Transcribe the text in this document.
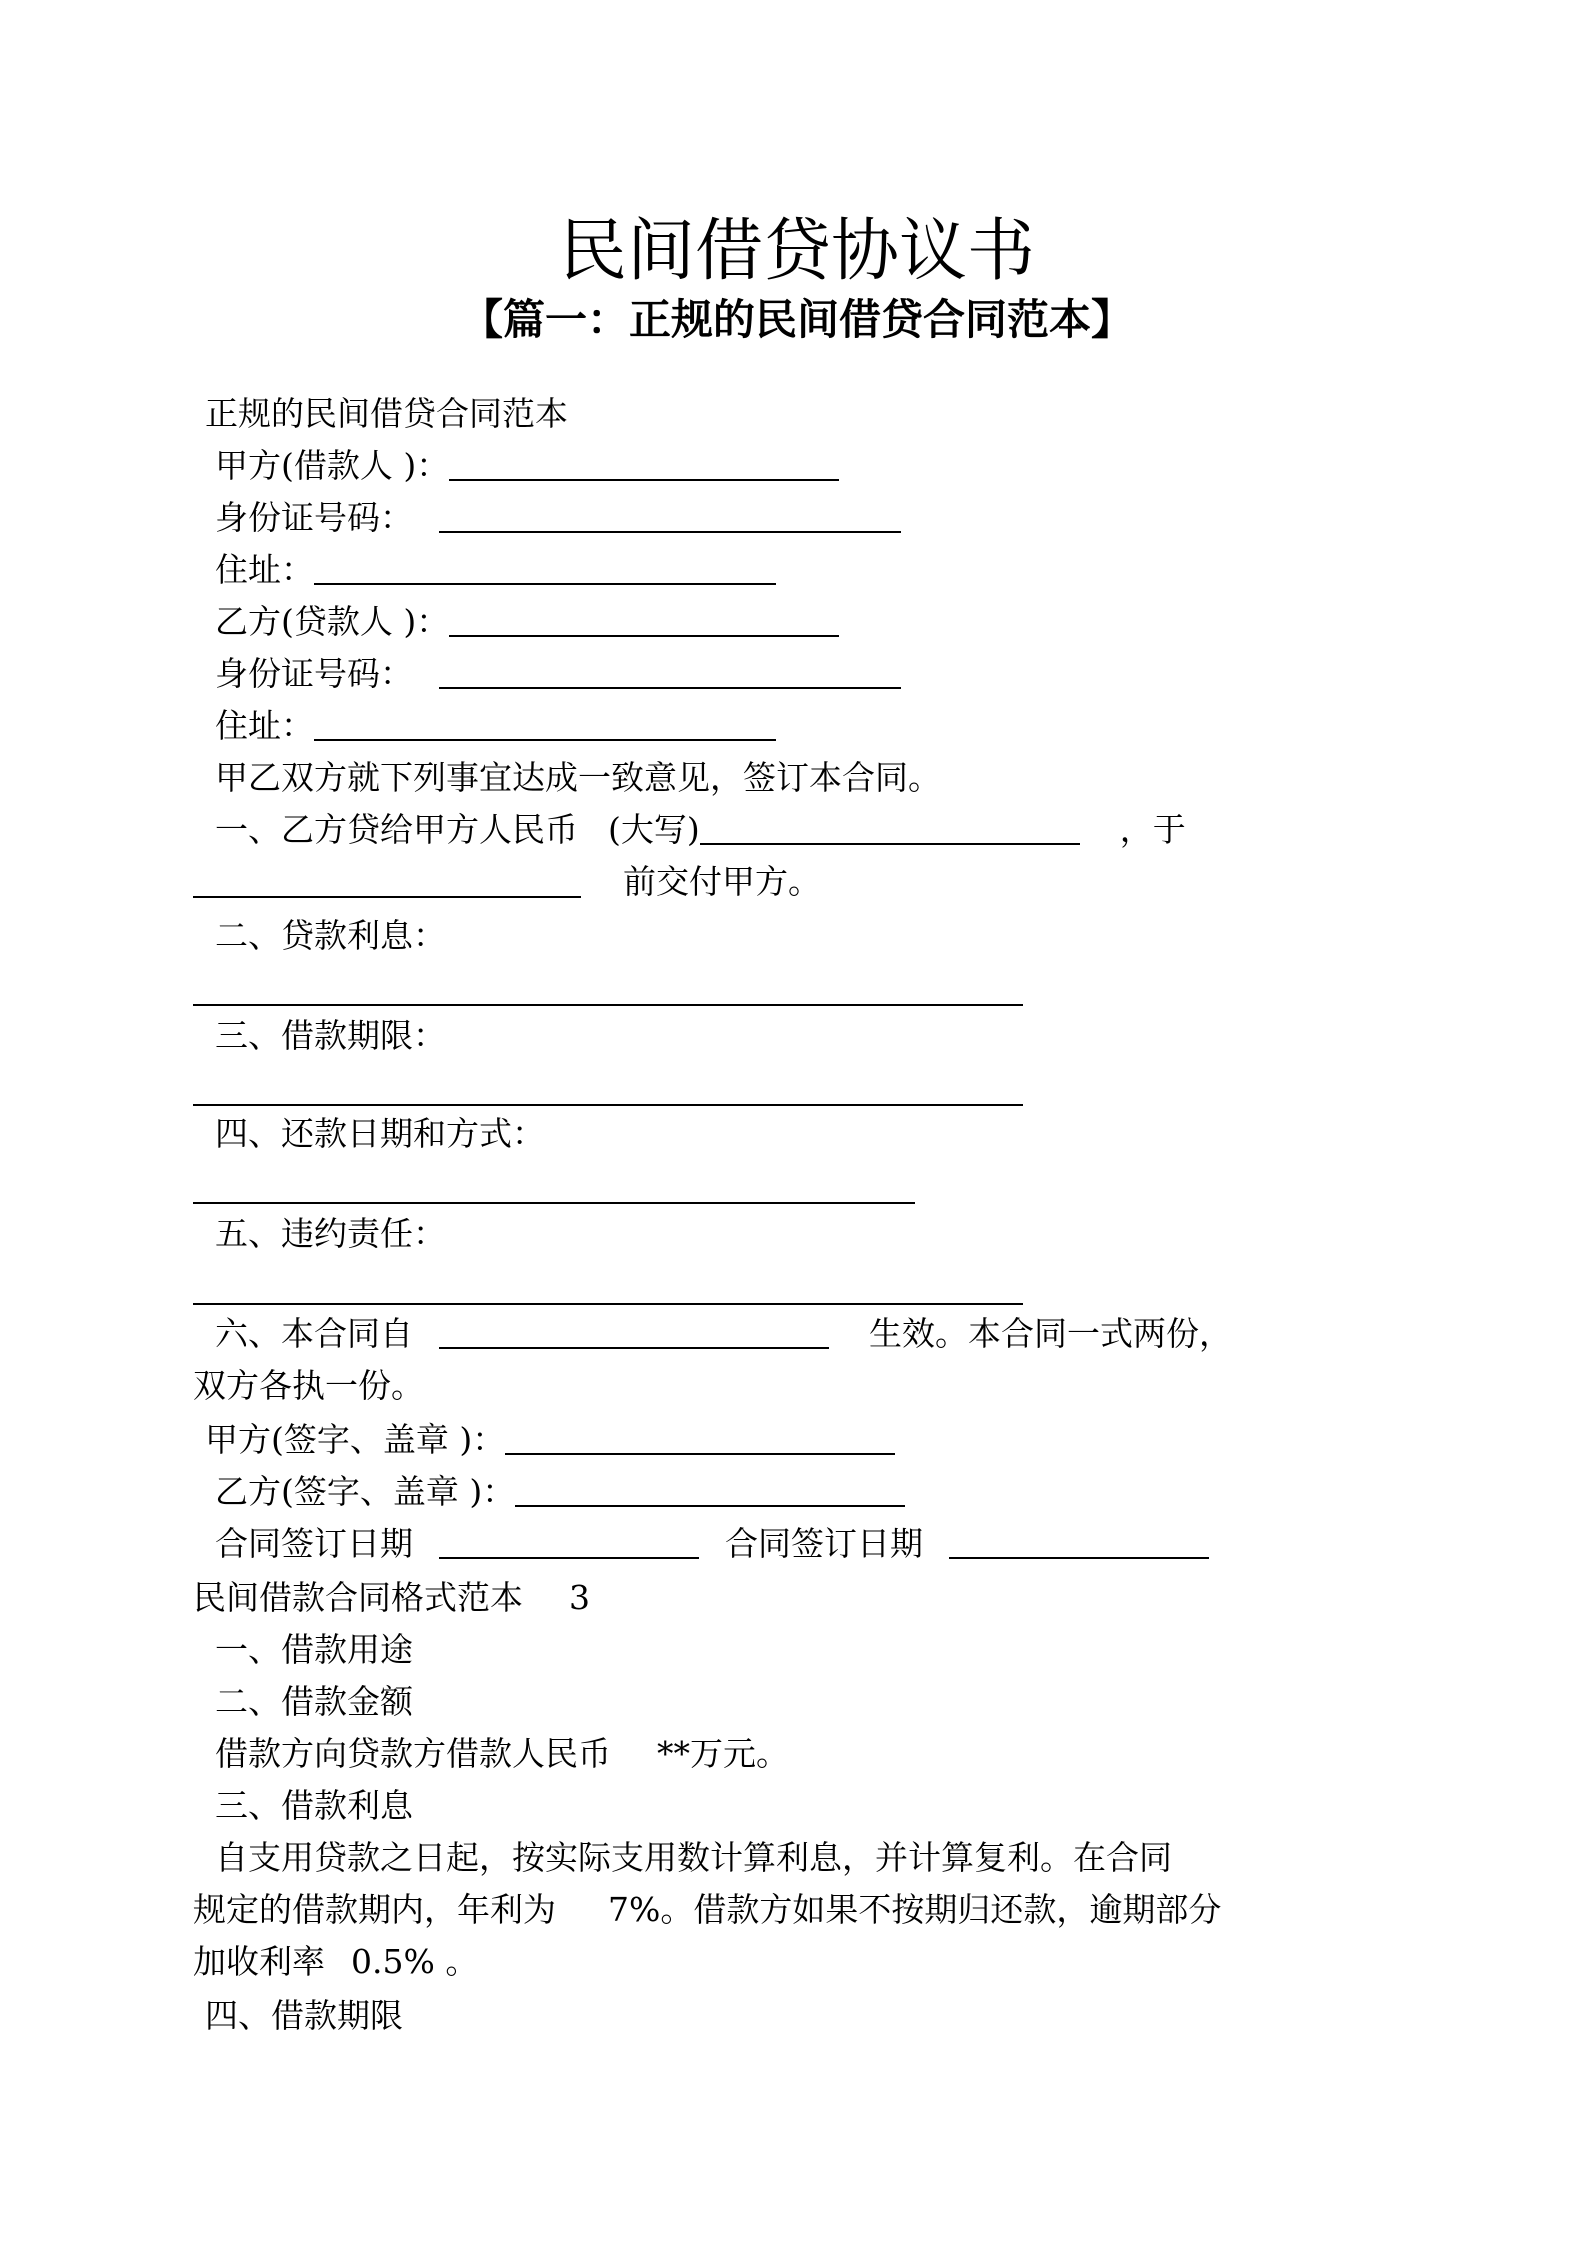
民间借贷协议书
【篇一：正规的民间借贷合同范本】
正规的民间借贷合同范本
甲方(借款人 )：
身份证号码：
住址：
乙方(贷款人 )：
身份证号码：
住址：
甲乙双方就下列事宜达成一致意见，签订本合同。
一、乙方贷给甲方人民币 (大写)	，于
前交付甲方。
二、贷款利息：
三、借款期限：
四、还款日期和方式：
五、违约责任：
六、本合同自	生效。本合同一式两份，
双方各执一份。
甲方(签字、盖章 )：
乙方(签字、盖章 )：
合同签订日期	合同签订日期
民间借款合同格式范本 3
一、借款用途
二、借款金额
借款方向贷款方借款人民币 **万元。
三、借款利息
自支用贷款之日起，按实际支用数计算利息，并计算复利。在合同
规定的借款期内，年利为 7%。借款方如果不按期归还款，逾期部分
加收利率 0.5% 。
四、借款期限
